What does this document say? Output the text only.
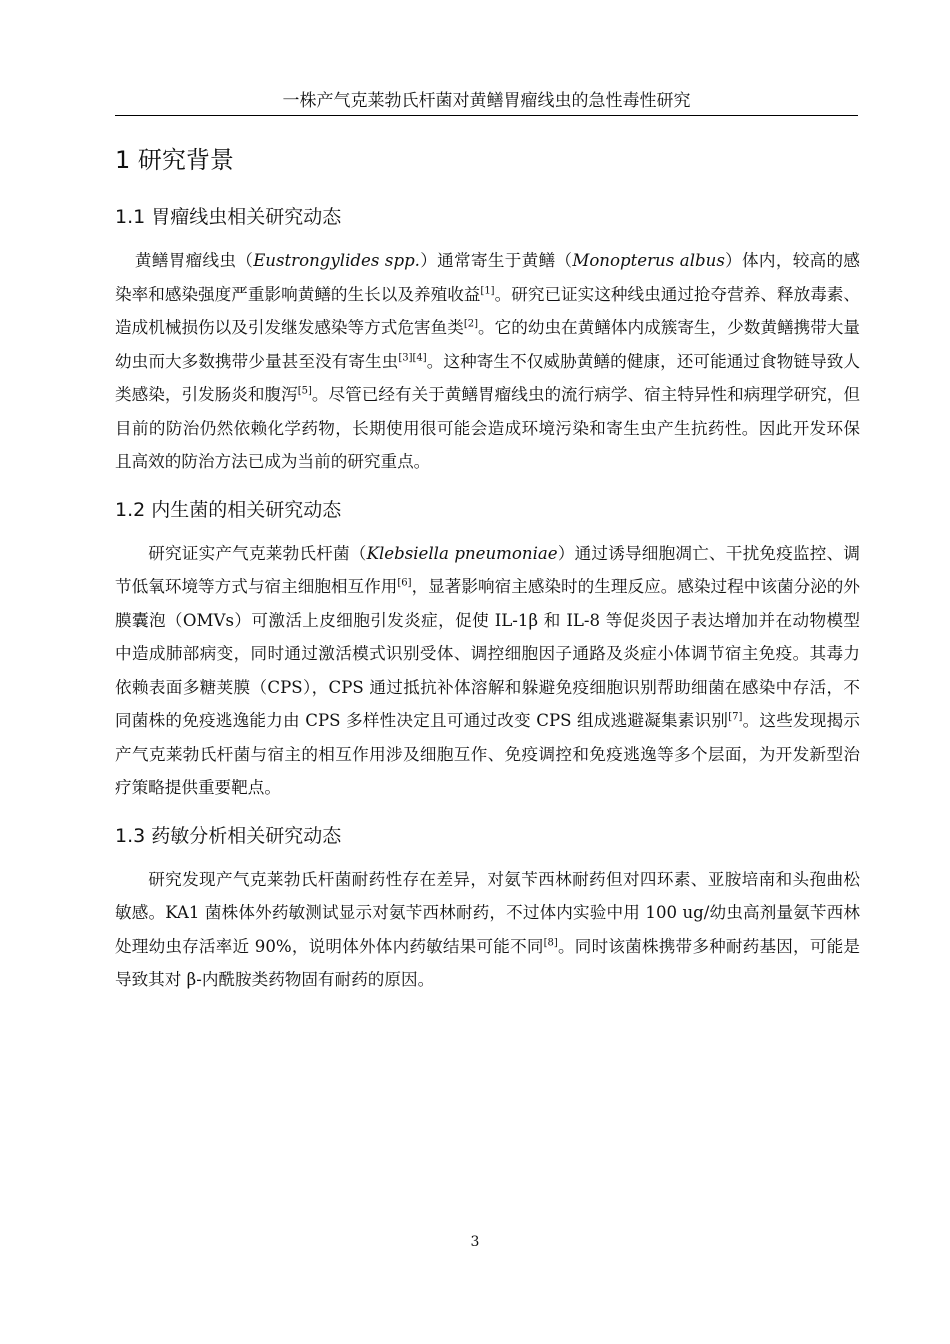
一株产气克莱勃氏杆菌对黄鳝胃瘤线虫的急性毒性研究
1 研究背景
1.1 胃瘤线虫相关研究动态

黄鳝胃瘤线虫（Eustrongylides spp.）通常寄生于黄鳝（Monopterus albus）体内，较高的感染率和感染强度严重影响黄鳝的生长以及养殖收益[1]。研究已证实这种线虫通过抢夺营养、释放毒素、造成机械损伤以及引发继发感染等方式危害鱼类[2]。它的幼虫在黄鳝体内成簇寄生，少数黄鳝携带大量幼虫而大多数携带少量甚至没有寄生虫[3][4]。这种寄生不仅威胁黄鳝的健康，还可能通过食物链导致人类感染，引发肠炎和腹泻[5]。尽管已经有关于黄鳝胃瘤线虫的流行病学、宿主特异性和病理学研究，但目前的防治仍然依赖化学药物，长期使用很可能会造成环境污染和寄生虫产生抗药性。因此开发环保且高效的防治方法已成为当前的研究重点。

1.2 内生菌的相关研究动态

研究证实产气克莱勃氏杆菌（Klebsiella pneumoniae）通过诱导细胞凋亡、干扰免疫监控、调节低氧环境等方式与宿主细胞相互作用[6]，显著影响宿主感染时的生理反应。感染过程中该菌分泌的外膜囊泡（OMVs）可激活上皮细胞引发炎症，促使 IL-1β 和 IL-8 等促炎因子表达增加并在动物模型中造成肺部病变，同时通过激活模式识别受体、调控细胞因子通路及炎症小体调节宿主免疫。其毒力依赖表面多糖荚膜（CPS），CPS 通过抵抗补体溶解和躲避免疫细胞识别帮助细菌在感染中存活，不同菌株的免疫逃逸能力由 CPS 多样性决定且可通过改变 CPS 组成逃避凝集素识别[7]。这些发现揭示产气克莱勃氏杆菌与宿主的相互作用涉及细胞互作、免疫调控和免疫逃逸等多个层面，为开发新型治疗策略提供重要靶点。

1.3 药敏分析相关研究动态

研究发现产气克莱勃氏杆菌耐药性存在差异，对氨苄西林耐药但对四环素、亚胺培南和头孢曲松敏感。KA1 菌株体外药敏测试显示对氨苄西林耐药，不过体内实验中用 100 ug/幼虫高剂量氨苄西林处理幼虫存活率近 90%，说明体外体内药敏结果可能不同[8]。同时该菌株携带多种耐药基因，可能是导致其对 β-内酰胺类药物固有耐药的原因。

3
